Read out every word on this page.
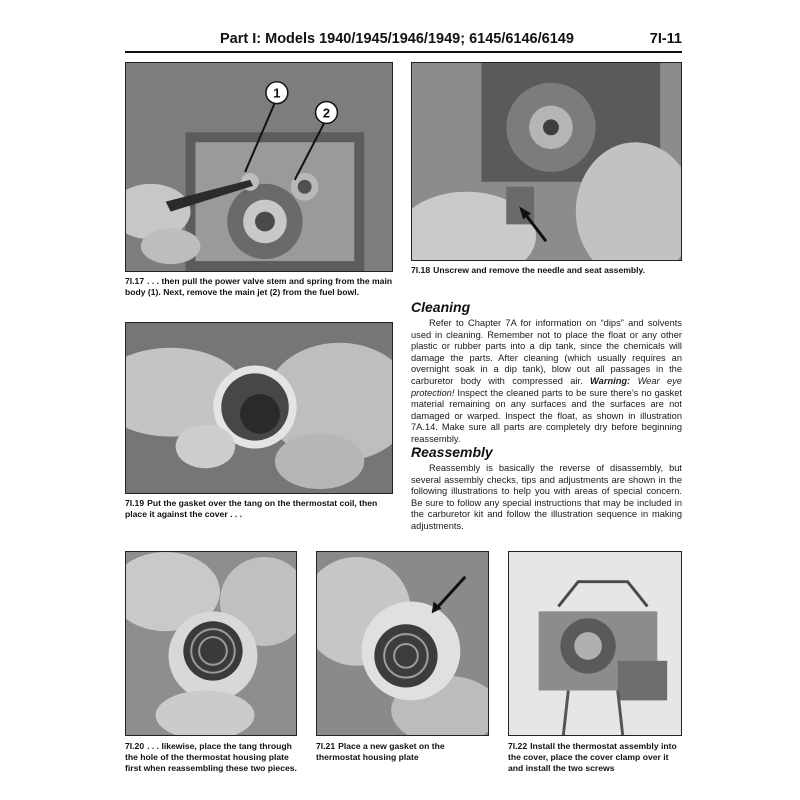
Part I: Models 1940/1945/1946/1949; 6145/6146/6149	7I-11
1
2
7I.17 . . . then pull the power valve stem and spring from the main body (1). Next, remove the main jet (2) from the fuel bowl.
7I.18 Unscrew and remove the needle and seat assembly.
7I.19 Put the gasket over the tang on the thermostat coil, then place it against the cover . . .
Cleaning

Refer to Chapter 7A for information on “dips” and solvents used in cleaning. Remember not to place the float or any other plastic or rubber parts into a dip tank, since the chemicals will damage the parts. After cleaning (which usually requires an overnight soak in a dip tank), blow out all passages in the carburetor body with compressed air. Warning: Wear eye protection! Inspect the cleaned parts to be sure there’s no gasket material remaining on any surfaces and the surfaces are not damaged or warped. Inspect the float, as shown in illustration 7A.14. Make sure all parts are completely dry before beginning reassembly.

Reassembly

Reassembly is basically the reverse of disassembly, but several assembly checks, tips and adjustments are shown in the following illustrations to help you with areas of special concern. Be sure to follow any special instructions that may be included in the carburetor kit and follow the illustration sequence in making adjustments.

7I.20 . . . likewise, place the tang through the hole of the thermostat housing plate first when reassembling these two pieces.
7I.21 Place a new gasket on the thermostat housing plate
7I.22 Install the thermostat assembly into the cover, place the cover clamp over it and install the two screws
